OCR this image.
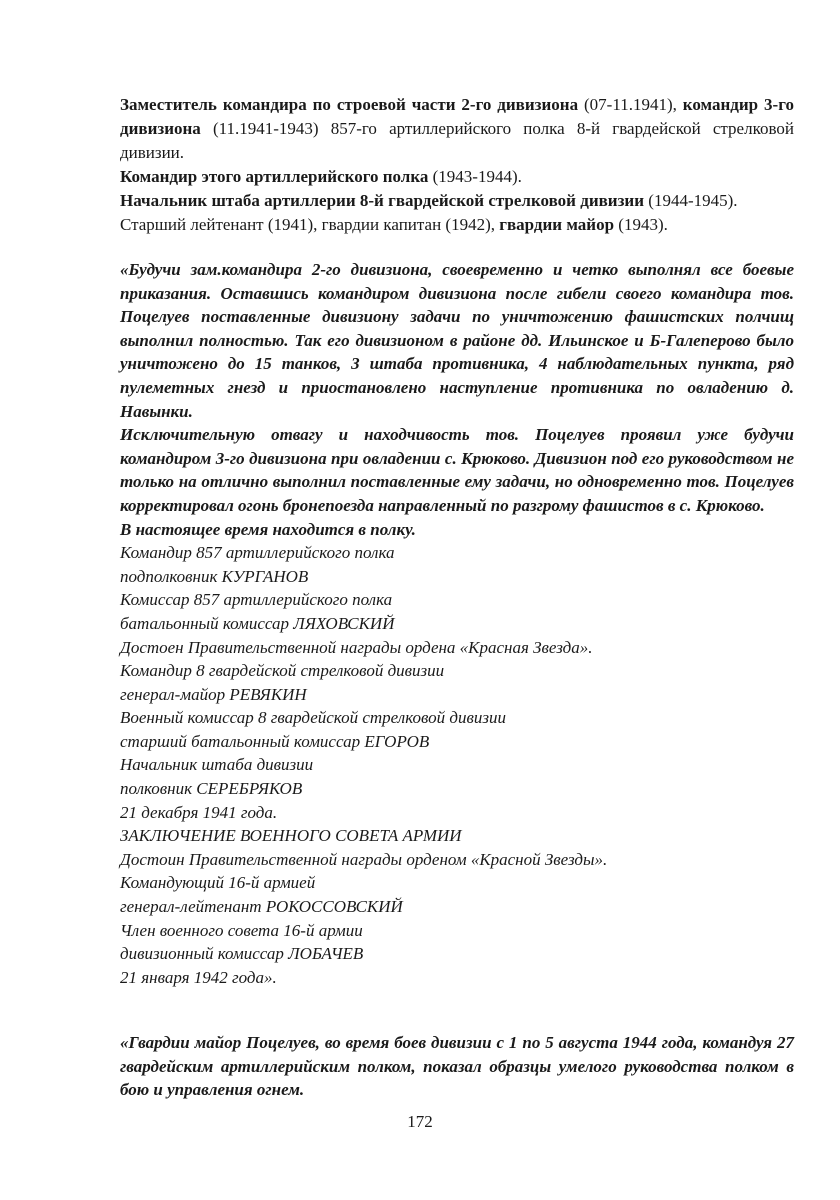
Заместитель командира по строевой части 2-го дивизиона (07-11.1941), командир 3-го дивизиона (11.1941-1943) 857-го артиллерийского полка 8-й гвардейской стрелковой дивизии.

Командир этого артиллерийского полка (1943-1944).

Начальник штаба артиллерии 8-й гвардейской стрелковой дивизии (1944-1945).

Старший лейтенант (1941), гвардии капитан (1942), гвардии майор (1943).

«Будучи зам.командира 2-го дивизиона, своевременно и четко выполнял все боевые приказания. Оставшись командиром дивизиона после гибели своего командира тов. Поцелуев поставленные дивизиону задачи по уничтожению фашистских полчищ выполнил полностью. Так его дивизионом в районе дд. Ильинское и Б-Галеперово было уничтожено до 15 танков, 3 штаба противника, 4 наблюдательных пункта, ряд пулеметных гнезд и приостановлено наступление противника по овладению д. Навынки.

Исключительную отвагу и находчивость тов. Поцелуев проявил уже будучи командиром 3-го дивизиона при овладении с. Крюково. Дивизион под его руководством не только на отлично выполнил поставленные ему задачи, но одновременно тов. Поцелуев корректировал огонь бронепоезда направленный по разгрому фашистов в с. Крюково.

В настоящее время находится в полку.

Командир 857 артиллерийского полка

подполковник КУРГАНОВ

Комиссар 857 артиллерийского полка

батальонный комиссар ЛЯХОВСКИЙ

Достоен Правительственной награды ордена «Красная Звезда».

Командир 8 гвардейской стрелковой дивизии

генерал-майор РЕВЯКИН

Военный комиссар 8 гвардейской стрелковой дивизии

старший батальонный комиссар ЕГОРОВ

Начальник штаба дивизии

полковник СЕРЕБРЯКОВ

21 декабря 1941 года.

ЗАКЛЮЧЕНИЕ ВОЕННОГО СОВЕТА АРМИИ

Достоин Правительственной награды орденом «Красной Звезды».

Командующий 16-й армией

генерал-лейтенант РОКОССОВСКИЙ

Член военного совета 16-й армии

дивизионный комиссар ЛОБАЧЕВ

21 января 1942 года».

«Гвардии майор Поцелуев, во время боев дивизии с 1 по 5 августа 1944 года, командуя 27 гвардейским артиллерийским полком, показал образцы умелого руководства полком в бою и управления огнем.

172
